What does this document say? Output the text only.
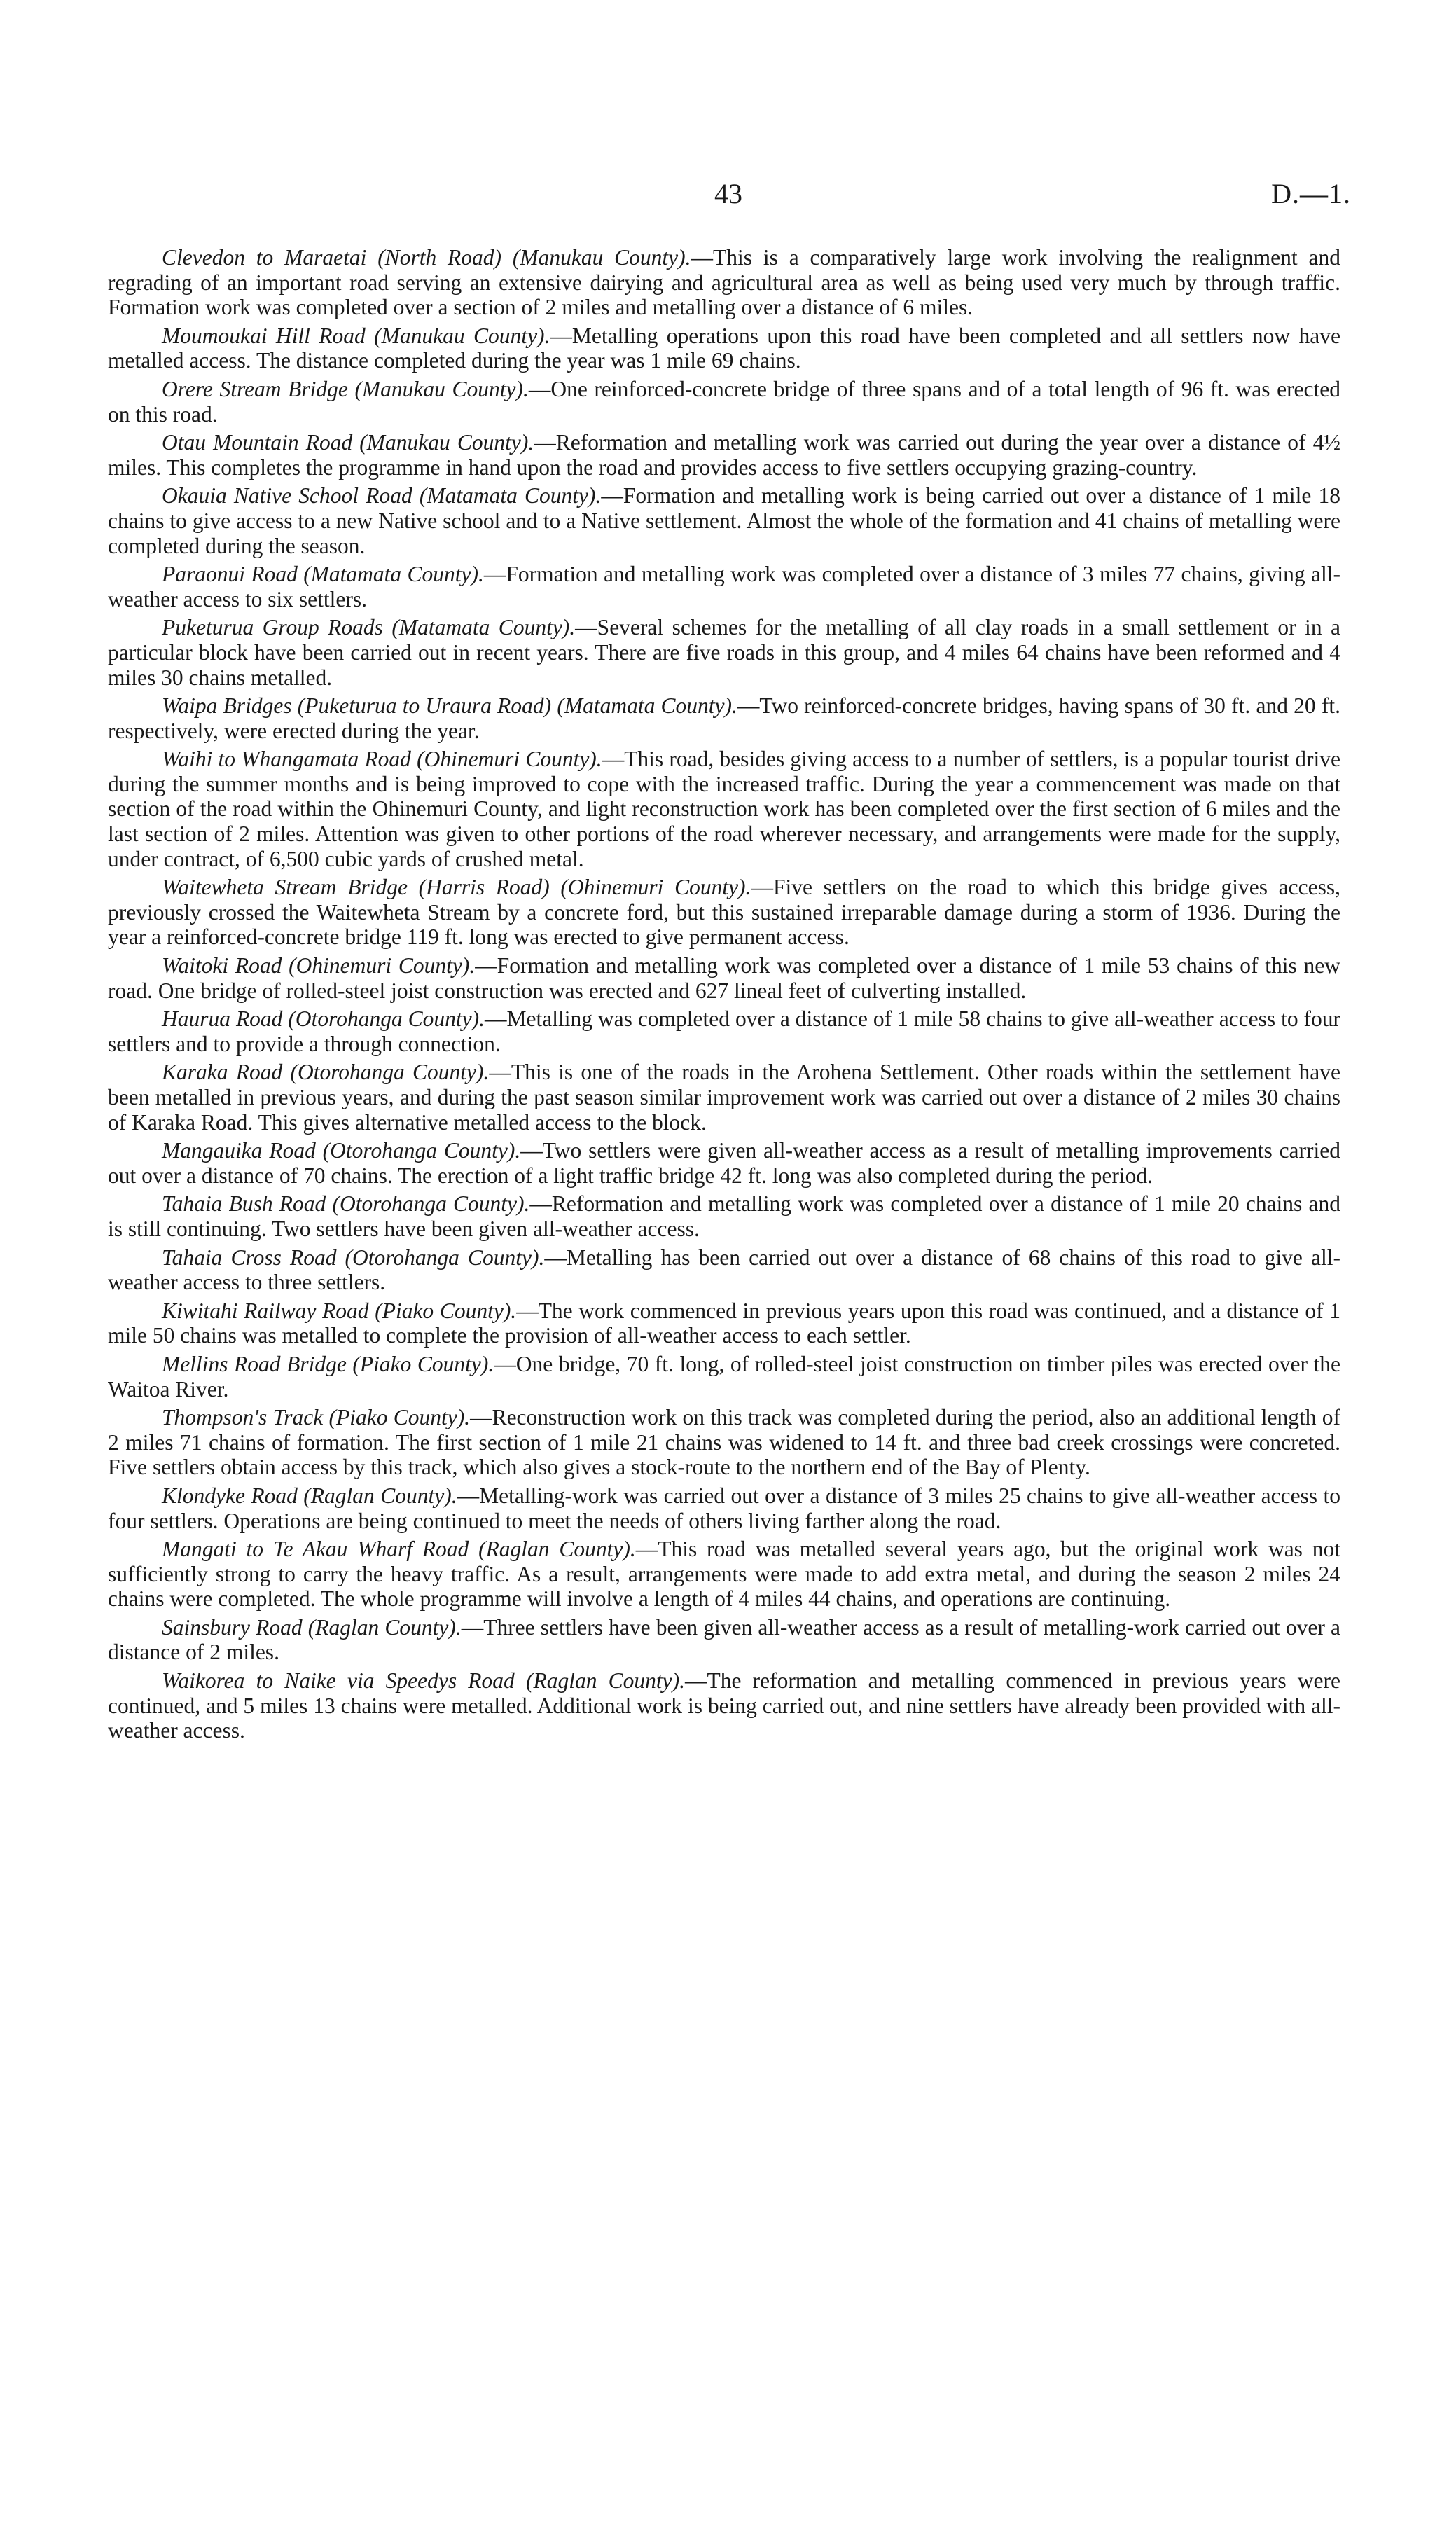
43	D.—1.

Clevedon to Maraetai (North Road) (Manukau County).—This is a comparatively large work involving the realignment and regrading of an important road serving an extensive dairying and agricultural area as well as being used very much by through traffic. Formation work was completed over a section of 2 miles and metalling over a distance of 6 miles.

Moumoukai Hill Road (Manukau County).—Metalling operations upon this road have been completed and all settlers now have metalled access. The distance completed during the year was 1 mile 69 chains.

Orere Stream Bridge (Manukau County).—One reinforced-concrete bridge of three spans and of a total length of 96 ft. was erected on this road.

Otau Mountain Road (Manukau County).—Reformation and metalling work was carried out during the year over a distance of 4½ miles. This completes the programme in hand upon the road and provides access to five settlers occupying grazing-country.

Okauia Native School Road (Matamata County).—Formation and metalling work is being carried out over a distance of 1 mile 18 chains to give access to a new Native school and to a Native settlement. Almost the whole of the formation and 41 chains of metalling were completed during the season.

Paraonui Road (Matamata County).—Formation and metalling work was completed over a distance of 3 miles 77 chains, giving all-weather access to six settlers.

Puketurua Group Roads (Matamata County).—Several schemes for the metalling of all clay roads in a small settlement or in a particular block have been carried out in recent years. There are five roads in this group, and 4 miles 64 chains have been reformed and 4 miles 30 chains metalled.

Waipa Bridges (Puketurua to Uraura Road) (Matamata County).—Two reinforced-concrete bridges, having spans of 30 ft. and 20 ft. respectively, were erected during the year.

Waihi to Whangamata Road (Ohinemuri County).—This road, besides giving access to a number of settlers, is a popular tourist drive during the summer months and is being improved to cope with the increased traffic. During the year a commencement was made on that section of the road within the Ohinemuri County, and light reconstruction work has been completed over the first section of 6 miles and the last section of 2 miles. Attention was given to other portions of the road wherever necessary, and arrangements were made for the supply, under contract, of 6,500 cubic yards of crushed metal.

Waitewheta Stream Bridge (Harris Road) (Ohinemuri County).—Five settlers on the road to which this bridge gives access, previously crossed the Waitewheta Stream by a concrete ford, but this sustained irreparable damage during a storm of 1936. During the year a reinforced-concrete bridge 119 ft. long was erected to give permanent access.

Waitoki Road (Ohinemuri County).—Formation and metalling work was completed over a distance of 1 mile 53 chains of this new road. One bridge of rolled-steel joist construction was erected and 627 lineal feet of culverting installed.

Haurua Road (Otorohanga County).—Metalling was completed over a distance of 1 mile 58 chains to give all-weather access to four settlers and to provide a through connection.

Karaka Road (Otorohanga County).—This is one of the roads in the Arohena Settlement. Other roads within the settlement have been metalled in previous years, and during the past season similar improvement work was carried out over a distance of 2 miles 30 chains of Karaka Road. This gives alternative metalled access to the block.

Mangauika Road (Otorohanga County).—Two settlers were given all-weather access as a result of metalling improvements carried out over a distance of 70 chains. The erection of a light traffic bridge 42 ft. long was also completed during the period.

Tahaia Bush Road (Otorohanga County).—Reformation and metalling work was completed over a distance of 1 mile 20 chains and is still continuing. Two settlers have been given all-weather access.

Tahaia Cross Road (Otorohanga County).—Metalling has been carried out over a distance of 68 chains of this road to give all-weather access to three settlers.

Kiwitahi Railway Road (Piako County).—The work commenced in previous years upon this road was continued, and a distance of 1 mile 50 chains was metalled to complete the provision of all-weather access to each settler.

Mellins Road Bridge (Piako County).—One bridge, 70 ft. long, of rolled-steel joist construction on timber piles was erected over the Waitoa River.

Thompson's Track (Piako County).—Reconstruction work on this track was completed during the period, also an additional length of 2 miles 71 chains of formation. The first section of 1 mile 21 chains was widened to 14 ft. and three bad creek crossings were concreted. Five settlers obtain access by this track, which also gives a stock-route to the northern end of the Bay of Plenty.

Klondyke Road (Raglan County).—Metalling-work was carried out over a distance of 3 miles 25 chains to give all-weather access to four settlers. Operations are being continued to meet the needs of others living farther along the road.

Mangati to Te Akau Wharf Road (Raglan County).—This road was metalled several years ago, but the original work was not sufficiently strong to carry the heavy traffic. As a result, arrangements were made to add extra metal, and during the season 2 miles 24 chains were completed. The whole programme will involve a length of 4 miles 44 chains, and operations are continuing.

Sainsbury Road (Raglan County).—Three settlers have been given all-weather access as a result of metalling-work carried out over a distance of 2 miles.

Waikorea to Naike via Speedys Road (Raglan County).—The reformation and metalling commenced in previous years were continued, and 5 miles 13 chains were metalled. Additional work is being carried out, and nine settlers have already been provided with all-weather access.
